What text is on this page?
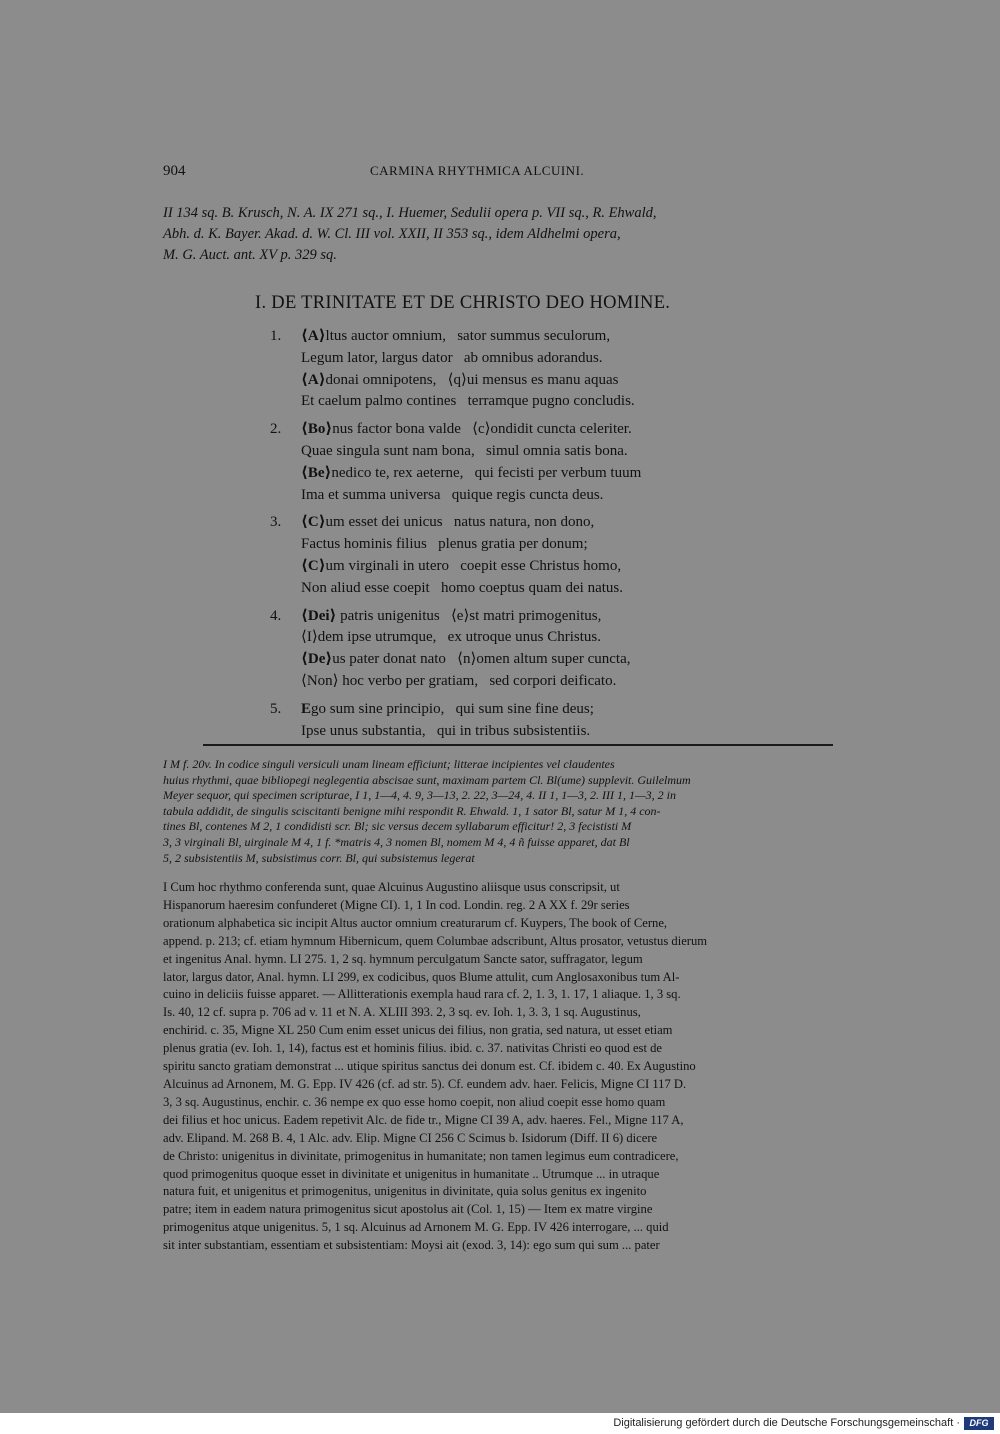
904	CARMINA RHYTHMICA ALCUINI.
II 134 sq. B. Krusch, N. A. IX 271 sq., I. Huemer, Sedulii opera p. VII sq., R. Ehwald,
Abh. d. K. Bayer. Akad. d. W. Cl. III vol. XXII, II 353 sq., idem Aldhelmi opera,
M. G. Auct. ant. XV p. 329 sq.
I. DE TRINITATE ET DE CHRISTO DEO HOMINE.
1. ⟨A⟩ltus auctor omnium,   sator summus seculorum,
Legum lator, largus dator   ab omnibus adorandus.
⟨A⟩donai omnipotens,   ⟨q⟩ui mensus es manu aquas
Et caelum palmo contines   terramque pugno concludis.
2. ⟨Bo⟩nus factor bona valde   ⟨c⟩ondidit cuncta celeriter.
Quae singula sunt nam bona,   simul omnia satis bona.
⟨Be⟩nedico te, rex aeterne,   qui fecisti per verbum tuum
Ima et summa universa   quique regis cuncta deus.
3. ⟨C⟩um esset dei unicus   natus natura, non dono,
Factus hominis filius   plenus gratia per donum;
⟨C⟩um virginali in utero   coepit esse Christus homo,
Non aliud esse coepit   homo coeptus quam dei natus.
4. ⟨Dei⟩ patris unigenitus   ⟨e⟩st matri primogenitus,
⟨I⟩dem ipse utrumque,   ex utroque unus Christus.
⟨De⟩us pater donat nato   ⟨n⟩omen altum super cuncta,
⟨Non⟩ hoc verbo per gratiam,   sed corpori deificato.
5. Ego sum sine principio,   qui sum sine fine deus;
Ipse unus substantia,   qui in tribus subsistentiis.
I M f. 20v. In codice singuli versiculi unam lineam efficiunt; litterae incipientes vel claudentes
huius rhythmi, quae bibliopegi neglegentia abscisae sunt, maximam partem Cl. Bl(ume) supplevit. Guilelmum
Meyer sequor, qui specimen scripturae, I 1, 1—4, 4. 9, 3—13, 2. 22, 3—24, 4. II 1, 1—3, 2. III 1, 1—3, 2 in
tabula addidit, de singulis sciscitanti benigne mihi respondit R. Ehwald. 1, 1 sator Bl, satur M 1, 4 con-
tines Bl, contenes M 2, 1 condidisti scr. Bl; sic versus decem syllabarum efficitur! 2, 3 fecististi M
3, 3 virginali Bl, uirginale M 4, 1 f. *matris 4, 3 nomen Bl, nomem M 4, 4 ñ fuisse apparet, dat Bl
5, 2 subsistentiis M, subsistimus corr. Bl, qui subsistemus legerat
I Cum hoc rhythmo conferenda sunt, quae Alcuinus Augustino aliisque usus conscripsit, ut
Hispanorum haeresim confunderet (Migne CI). 1, 1 In cod. Londin. reg. 2 A XX f. 29r series
orationum alphabetica sic incipit Altus auctor omnium creaturarum cf. Kuypers, The book of Cerne,
append. p. 213; cf. etiam hymnum Hibernicum, quem Columbae adscribunt, Altus prosator, vetustus dierum
et ingenitus Anal. hymn. LI 275. 1, 2 sq. hymnum perculgatum Sancte sator, suffragator, legum
lator, largus dator, Anal. hymn. LI 299, ex codicibus, quos Blume attulit, cum Anglosaxonibus tum Al-
cuino in deliciis fuisse apparet. — Allitterationis exempla haud rara cf. 2, 1. 3, 1. 17, 1 aliaque. 1, 3 sq.
Is. 40, 12 cf. supra p. 706 ad v. 11 et N. A. XLIII 393. 2, 3 sq. ev. Ioh. 1, 3. 3, 1 sq. Augustinus,
enchirid. c. 35, Migne XL 250 Cum enim esset unicus dei filius, non gratia, sed natura, ut esset etiam
plenus gratia (ev. Ioh. 1, 14), factus est et hominis filius. ibid. c. 37. nativitas Christi eo quod est de
spiritu sancto gratiam demonstrat ... utique spiritus sanctus dei donum est. Cf. ibidem c. 40. Ex Augustino
Alcuinus ad Arnonem, M. G. Epp. IV 426 (cf. ad str. 5). Cf. eundem adv. haer. Felicis, Migne CI 117 D.
3, 3 sq. Augustinus, enchir. c. 36 nempe ex quo esse homo coepit, non aliud coepit esse homo quam
dei filius et hoc unicus. Eadem repetivit Alc. de fide tr., Migne CI 39 A, adv. haeres. Fel., Migne 117 A,
adv. Elipand. M. 268 B. 4, 1 Alc. adv. Elip. Migne CI 256 C Scimus b. Isidorum (Diff. II 6) dicere
de Christo: unigenitus in divinitate, primogenitus in humanitate; non tamen legimus eum contradicere,
quod primogenitus quoque esset in divinitate et unigenitus in humanitate .. Utrumque ... in utraque
natura fuit, et unigenitus et primogenitus, unigenitus in divinitate, quia solus genitus ex ingenito
patre; item in eadem natura primogenitus sicut apostolus ait (Col. 1, 15) — Item ex matre virgine
primogenitus atque unigenitus. 5, 1 sq. Alcuinus ad Arnonem M. G. Epp. IV 426 interrogare, ... quid
sit inter substantiam, essentiam et subsistentiam: Moysi ait (exod. 3, 14): ego sum qui sum ... pater
Digitalisierung gefördert durch die Deutsche Forschungsgemeinschaft ·	DFG
